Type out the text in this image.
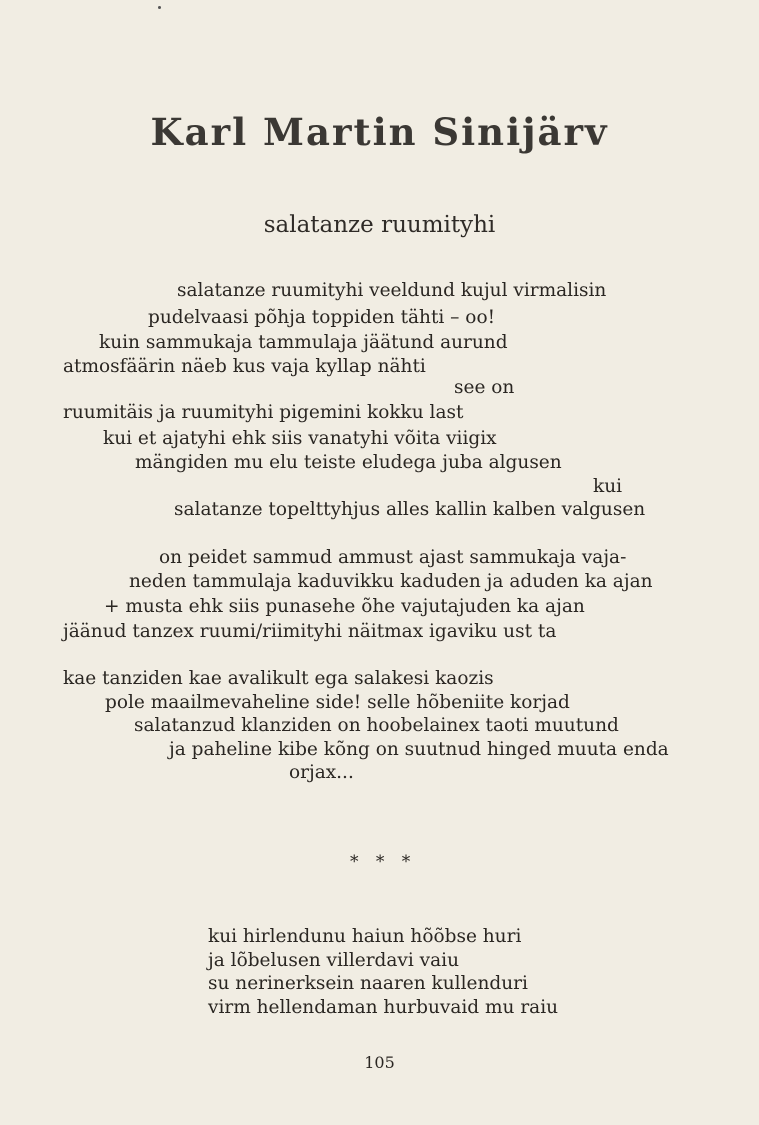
Karl Martin Sinijärv
salatanze ruumityhi
salatanze ruumityhi veeldund kujul virmalisin
pudelvaasi põhja toppiden tähti – oo!
kuin sammukaja tammulaja jäätund aurund
atmosfäärin näeb kus vaja kyllap nähti
see on
ruumitäis ja ruumityhi pigemini kokku last
kui et ajatyhi ehk siis vanatyhi võita viigix
mängiden mu elu teiste eludega juba algusen
kui
salatanze topelttyhjus alles kallin kalben valgusen
on peidet sammud ammust ajast sammukaja vaja-
neden tammulaja kaduvikku kaduden ja aduden ka ajan
+ musta ehk siis punasehe õhe vajutajuden ka ajan
jäänud tanzex ruumi/riimityhi näitmax igaviku ust ta
kae tanziden kae avalikult ega salakesi kaozis
pole maailmevaheline side! selle hõbeniite korjad
salatanzud klanziden on hoobelainex taoti muutund
ja paheline kibe kõng on suutnud hinged muuta enda
orjax...
* * *
kui hirlendunu haiun hõõbse huri
ja lõbelusen villerdavi vaiu
su nerinerksein naaren kullenduri
virm hellendaman hurbuvaid mu raiu
105
